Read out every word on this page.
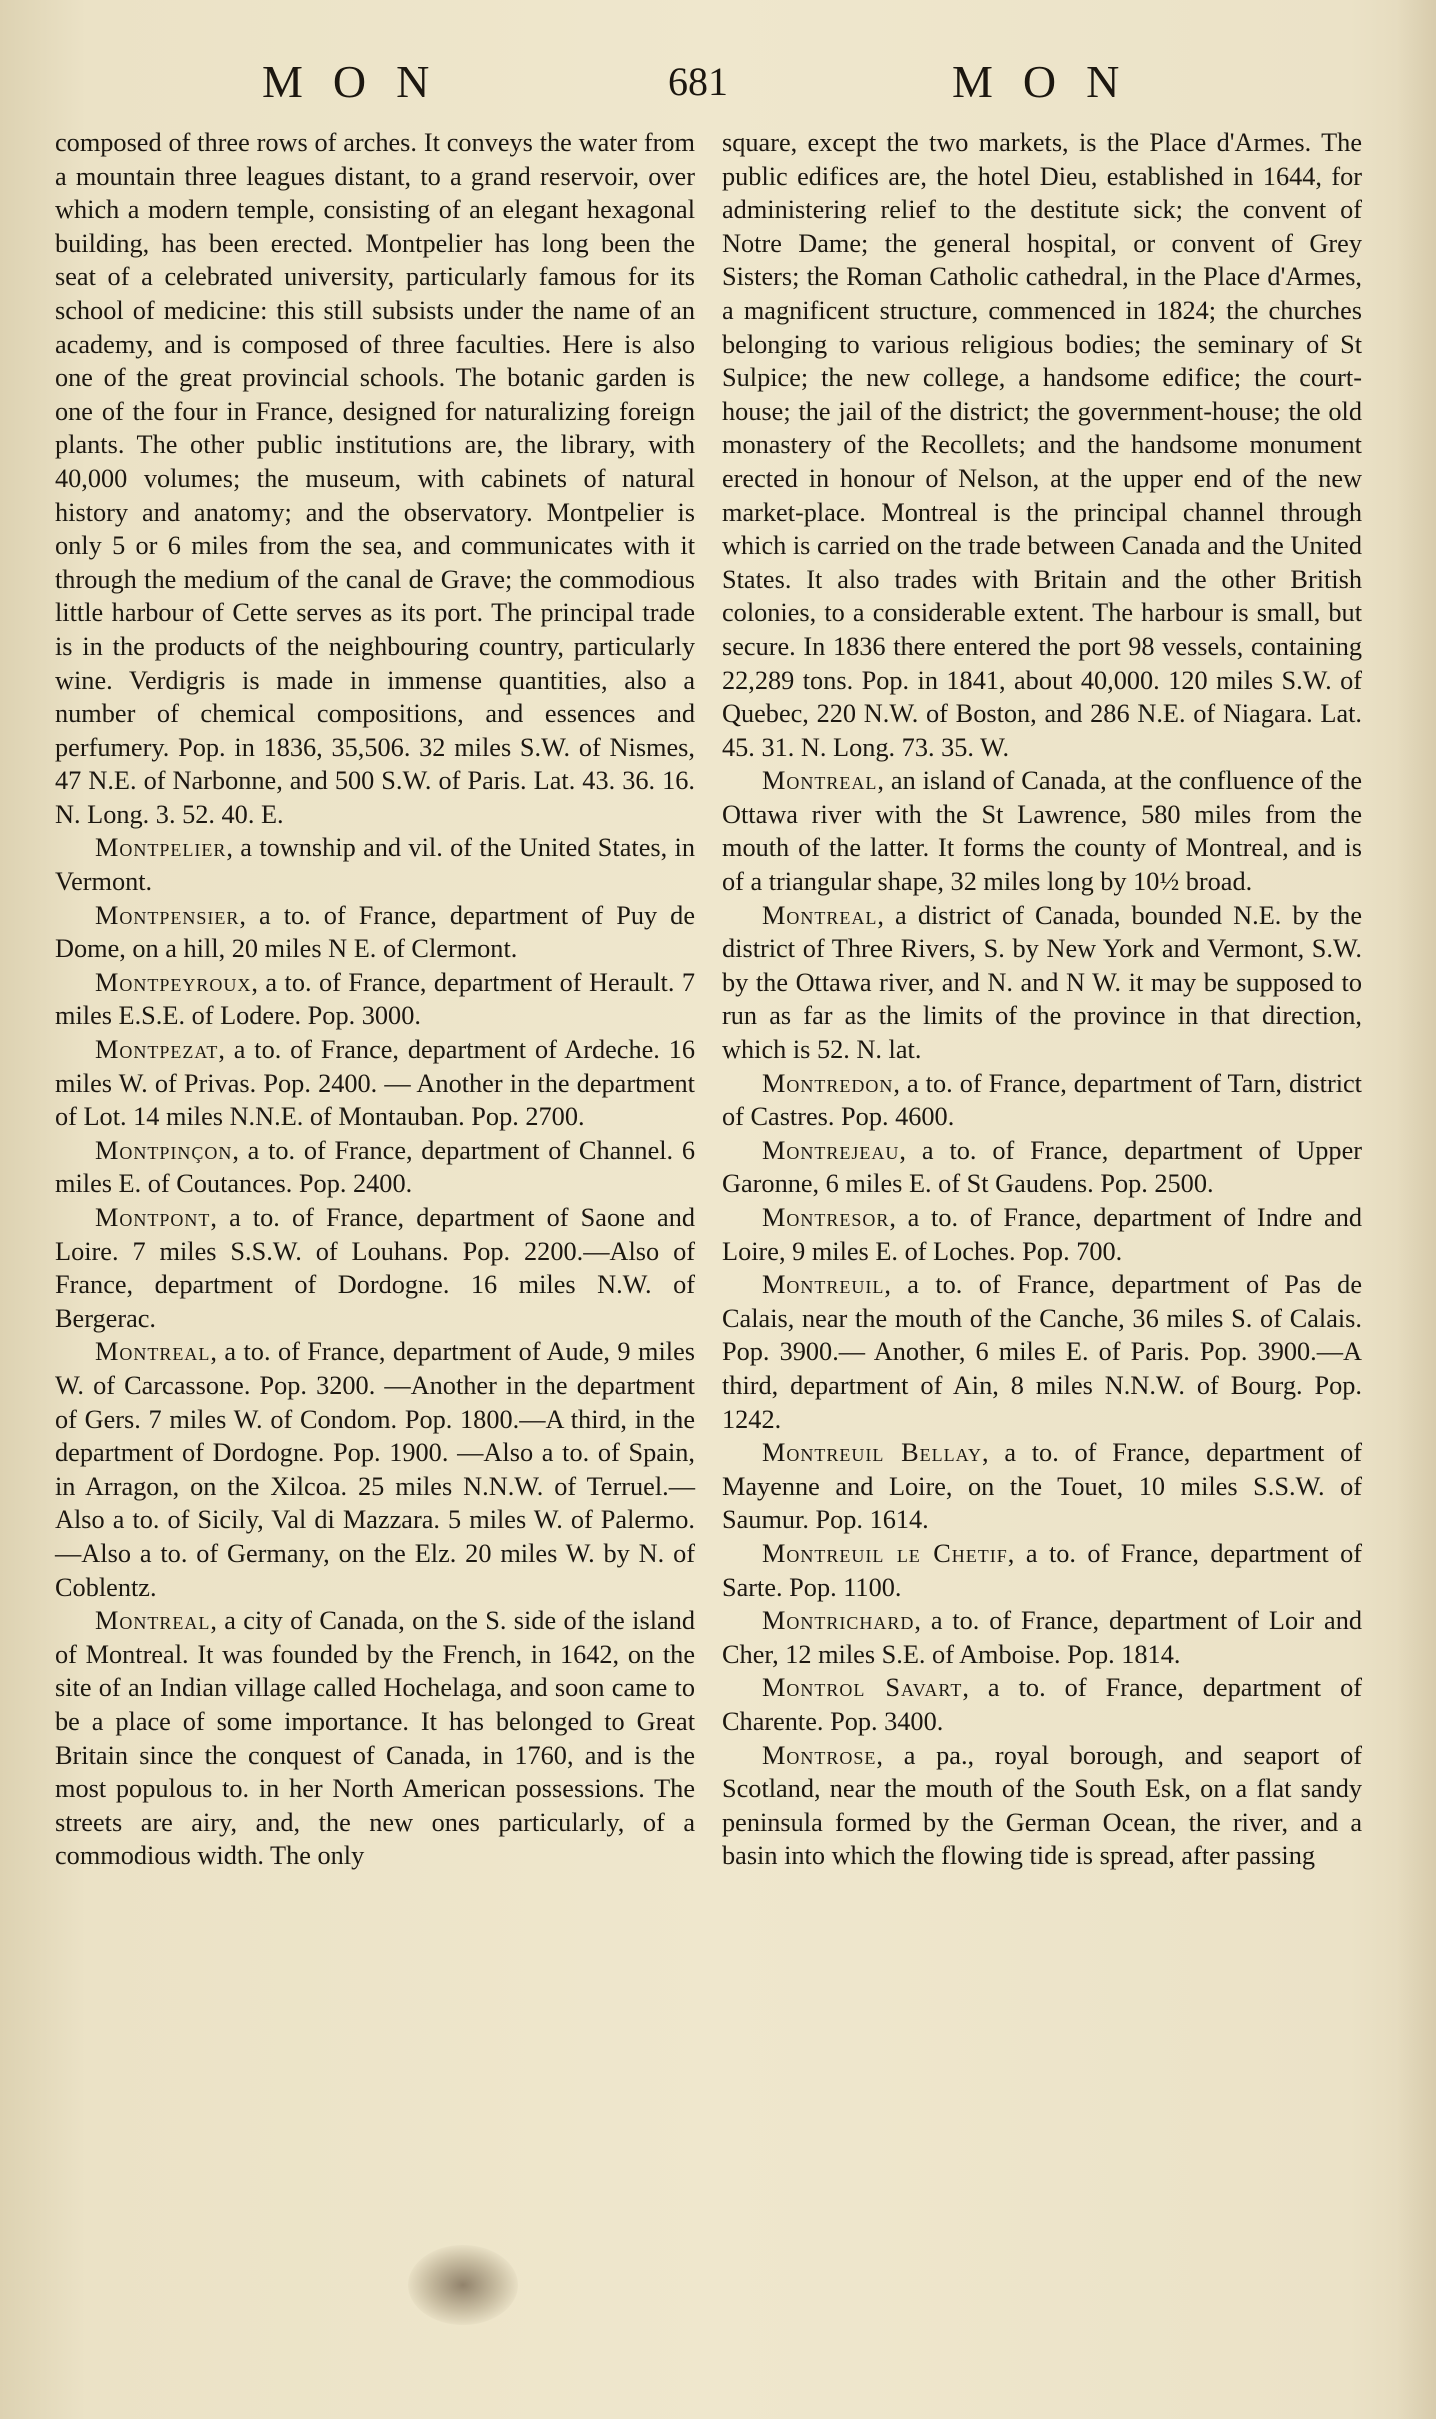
MON	681	MON

composed of three rows of arches. It conveys the water from a mountain three leagues distant, to a grand reservoir, over which a modern temple, consisting of an elegant hexagonal building, has been erected. Montpelier has long been the seat of a celebrated university, particularly famous for its school of medicine: this still subsists under the name of an academy, and is composed of three faculties. Here is also one of the great provincial schools. The botanic garden is one of the four in France, designed for naturalizing foreign plants. The other public institutions are, the library, with 40,000 volumes; the museum, with cabinets of natural history and anatomy; and the observatory. Montpelier is only 5 or 6 miles from the sea, and communicates with it through the medium of the canal de Grave; the commodious little harbour of Cette serves as its port. The principal trade is in the products of the neighbouring country, particularly wine. Verdigris is made in immense quantities, also a number of chemical compositions, and essences and perfumery. Pop. in 1836, 35,506. 32 miles S.W. of Nismes, 47 N.E. of Narbonne, and 500 S.W. of Paris. Lat. 43. 36. 16. N. Long. 3. 52. 40. E.

Montpelier, a township and vil. of the United States, in Vermont.

Montpensier, a to. of France, department of Puy de Dome, on a hill, 20 miles N E. of Clermont.

Montpeyroux, a to. of France, department of Herault. 7 miles E.S.E. of Lodere. Pop. 3000.

Montpezat, a to. of France, department of Ardeche. 16 miles W. of Privas. Pop. 2400. — Another in the department of Lot. 14 miles N.N.E. of Montauban. Pop. 2700.

Montpinçon, a to. of France, department of Channel. 6 miles E. of Coutances. Pop. 2400.

Montpont, a to. of France, department of Saone and Loire. 7 miles S.S.W. of Louhans. Pop. 2200.—Also of France, department of Dordogne. 16 miles N.W. of Bergerac.

Montreal, a to. of France, department of Aude, 9 miles W. of Carcassone. Pop. 3200. —Another in the department of Gers. 7 miles W. of Condom. Pop. 1800.—A third, in the department of Dordogne. Pop. 1900. —Also a to. of Spain, in Arragon, on the Xilcoa. 25 miles N.N.W. of Terruel.—Also a to. of Sicily, Val di Mazzara. 5 miles W. of Palermo.—Also a to. of Germany, on the Elz. 20 miles W. by N. of Coblentz.

Montreal, a city of Canada, on the S. side of the island of Montreal. It was founded by the French, in 1642, on the site of an Indian village called Hochelaga, and soon came to be a place of some importance. It has belonged to Great Britain since the conquest of Canada, in 1760, and is the most populous to. in her North American possessions. The streets are airy, and, the new ones particularly, of a commodious width. The only

square, except the two markets, is the Place d'Armes. The public edifices are, the hotel Dieu, established in 1644, for administering relief to the destitute sick; the convent of Notre Dame; the general hospital, or convent of Grey Sisters; the Roman Catholic cathedral, in the Place d'Armes, a magnificent structure, commenced in 1824; the churches belonging to various religious bodies; the seminary of St Sulpice; the new college, a handsome edifice; the court-house; the jail of the district; the government-house; the old monastery of the Recollets; and the handsome monument erected in honour of Nelson, at the upper end of the new market-place. Montreal is the principal channel through which is carried on the trade between Canada and the United States. It also trades with Britain and the other British colonies, to a considerable extent. The harbour is small, but secure. In 1836 there entered the port 98 vessels, containing 22,289 tons. Pop. in 1841, about 40,000. 120 miles S.W. of Quebec, 220 N.W. of Boston, and 286 N.E. of Niagara. Lat. 45. 31. N. Long. 73. 35. W.

Montreal, an island of Canada, at the confluence of the Ottawa river with the St Lawrence, 580 miles from the mouth of the latter. It forms the county of Montreal, and is of a triangular shape, 32 miles long by 10½ broad.

Montreal, a district of Canada, bounded N.E. by the district of Three Rivers, S. by New York and Vermont, S.W. by the Ottawa river, and N. and N W. it may be supposed to run as far as the limits of the province in that direction, which is 52. N. lat.

Montredon, a to. of France, department of Tarn, district of Castres. Pop. 4600.

Montrejeau, a to. of France, department of Upper Garonne, 6 miles E. of St Gaudens. Pop. 2500.

Montresor, a to. of France, department of Indre and Loire, 9 miles E. of Loches. Pop. 700.

Montreuil, a to. of France, department of Pas de Calais, near the mouth of the Canche, 36 miles S. of Calais. Pop. 3900.— Another, 6 miles E. of Paris. Pop. 3900.—A third, department of Ain, 8 miles N.N.W. of Bourg. Pop. 1242.

Montreuil Bellay, a to. of France, department of Mayenne and Loire, on the Touet, 10 miles S.S.W. of Saumur. Pop. 1614.

Montreuil le Chetif, a to. of France, department of Sarte. Pop. 1100.

Montrichard, a to. of France, department of Loir and Cher, 12 miles S.E. of Amboise. Pop. 1814.

Montrol Savart, a to. of France, department of Charente. Pop. 3400.

Montrose, a pa., royal borough, and seaport of Scotland, near the mouth of the South Esk, on a flat sandy peninsula formed by the German Ocean, the river, and a basin into which the flowing tide is spread, after passing
